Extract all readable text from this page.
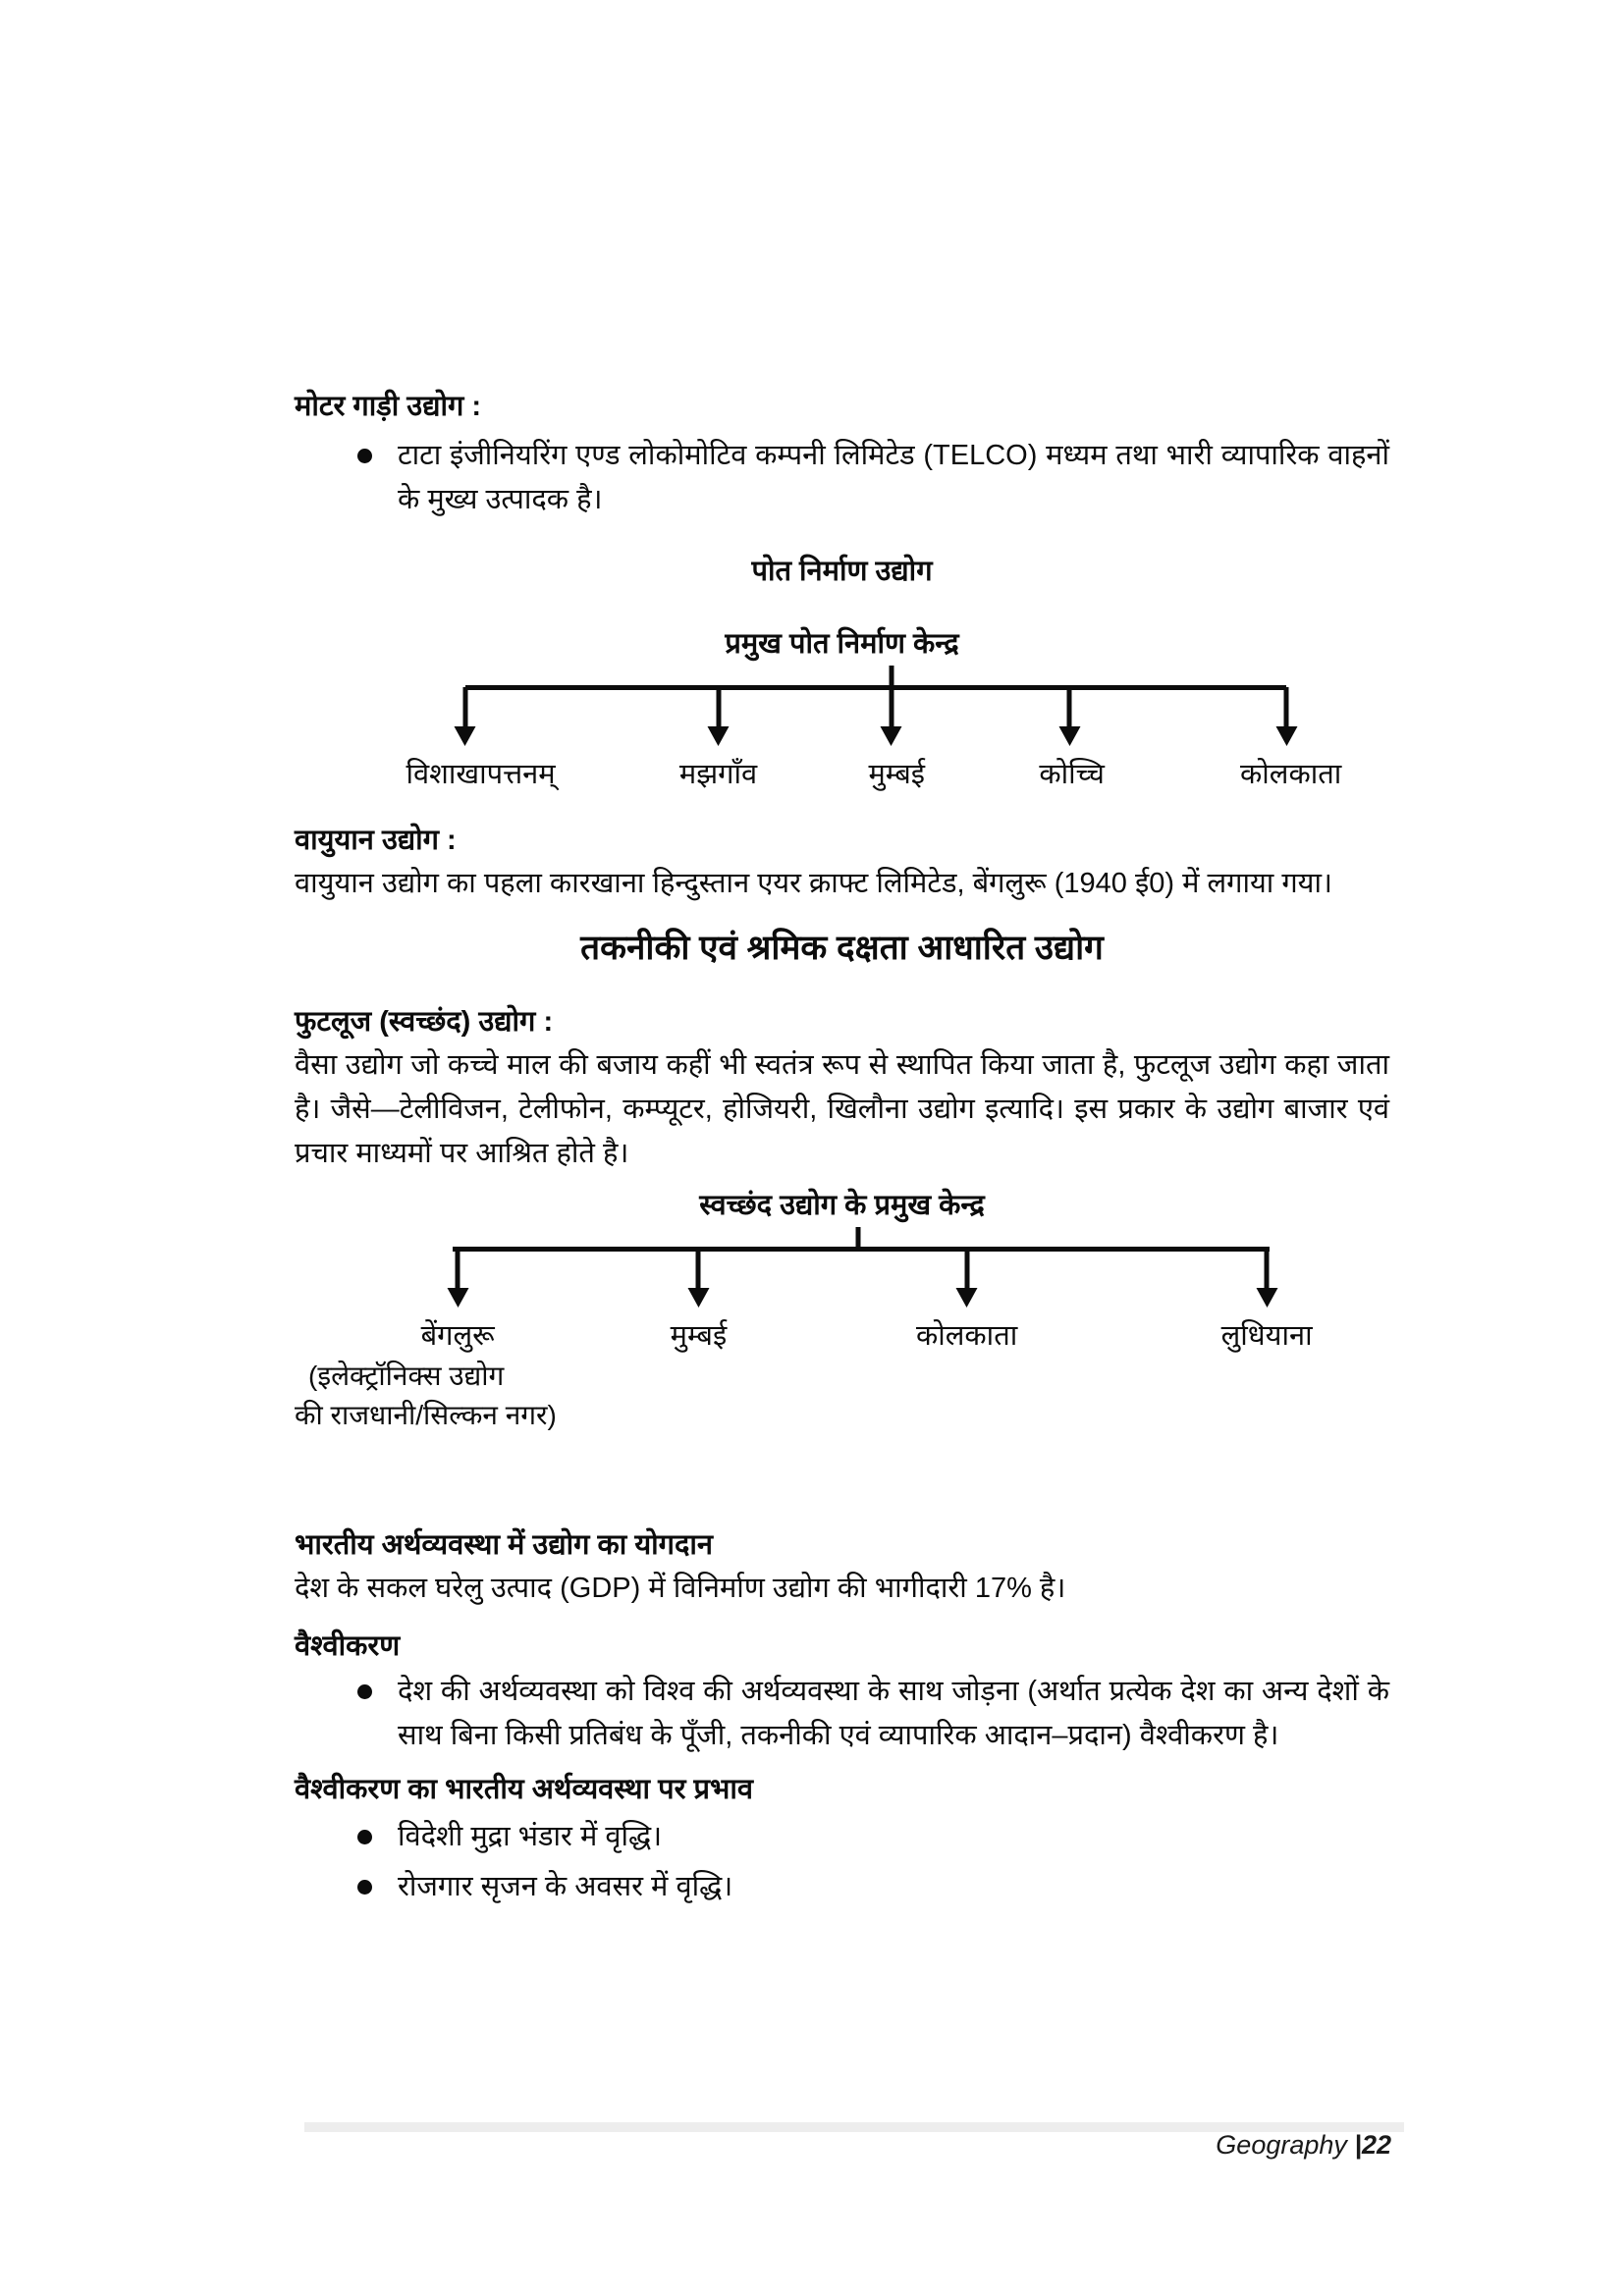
मोटर गाड़ी उद्योग :
टाटा इंजीनियरिंग एण्ड लोकोमोटिव कम्पनी लिमिटेड (TELCO) मध्यम तथा भारी व्यापारिक वाहनों के मुख्य उत्पादक है।
पोत निर्माण उद्योग
प्रमुख पोत निर्माण केन्द्र
विशाखापत्तनम्	मझगाँव	मुम्बई	कोच्चि	कोलकाता
वायुयान उद्योग :
वायुयान उद्योग का पहला कारखाना हिन्दुस्तान एयर क्राफ्ट लिमिटेड, बेंगलुरू (1940 ई0) में लगाया गया।
तकनीकी एवं श्रमिक दक्षता आधारित उद्योग
फुटलूज (स्वच्छंद) उद्योग :
वैसा उद्योग जो कच्चे माल की बजाय कहीं भी स्वतंत्र रूप से स्थापित किया जाता है, फुटलूज उद्योग कहा जाता है। जैसे—टेलीविजन, टेलीफोन, कम्प्यूटर, होजियरी, खिलौना उद्योग इत्यादि। इस प्रकार के उद्योग बाजार एवं प्रचार माध्यमों पर आश्रित होते है।
स्वच्छंद उद्योग के प्रमुख केन्द्र
बेंगलुरू	मुम्बई	कोलकाता	लुधियाना
(इलेक्ट्रॉनिक्स उद्योग
की राजधानी/सिल्कन नगर)
भारतीय अर्थव्यवस्था में उद्योग का योगदान
देश के सकल घरेलु उत्पाद (GDP) में विनिर्माण उद्योग की भागीदारी 17% है।
वैश्वीकरण
देश की अर्थव्यवस्था को विश्व की अर्थव्यवस्था के साथ जोड़ना (अर्थात प्रत्येक देश का अन्य देशों के साथ बिना किसी प्रतिबंध के पूँजी, तकनीकी एवं व्यापारिक आदान–प्रदान) वैश्वीकरण है।
वैश्वीकरण का भारतीय अर्थव्यवस्था पर प्रभाव
विदेशी मुद्रा भंडार में वृद्धि।
रोजगार सृजन के अवसर में वृद्धि।
Geography |22
